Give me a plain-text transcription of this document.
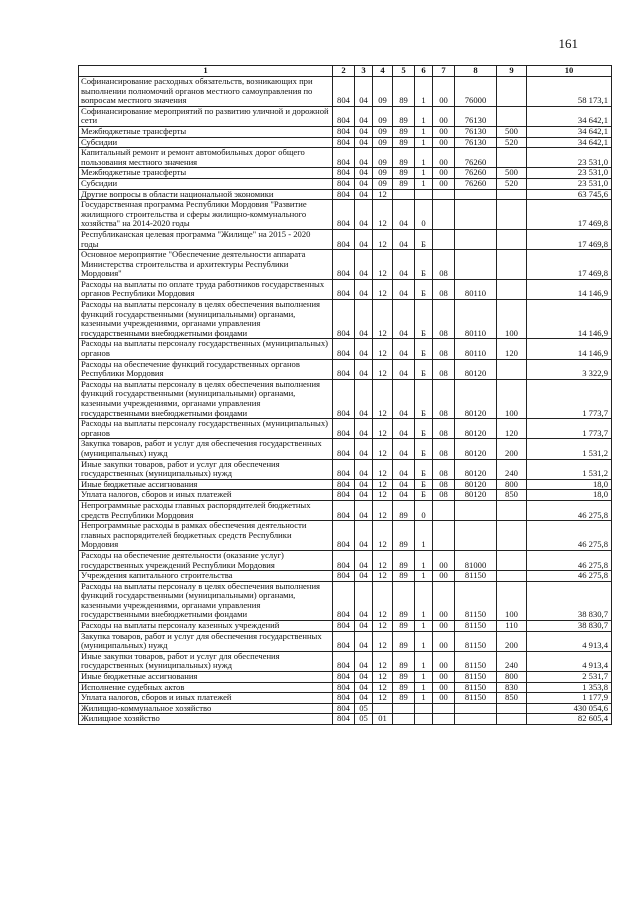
161
1	2	3	4	5	6	7	8	9	10
Софинансирование расходных обязательств, возникающих при выполнении полномочий органов местного самоуправления по вопросам местного значения	804	04	09	89	1	00	76000		58 173,1
Софинансирование мероприятий по развитию уличной и дорожной сети	804	04	09	89	1	00	76130		34 642,1
Межбюджетные трансферты	804	04	09	89	1	00	76130	500	34 642,1
Субсидии	804	04	09	89	1	00	76130	520	34 642,1
Капитальный ремонт и ремонт автомобильных дорог общего пользования местного значения	804	04	09	89	1	00	76260		23 531,0
Межбюджетные трансферты	804	04	09	89	1	00	76260	500	23 531,0
Субсидии	804	04	09	89	1	00	76260	520	23 531,0
Другие вопросы в области национальной экономики	804	04	12						63 745,6
Государственная программа Республики Мордовия "Развитие жилищного строительства и сферы жилищно-коммунального хозяйства" на 2014-2020 годы	804	04	12	04	0				17 469,8
Республиканская целевая программа "Жилище" на 2015 - 2020 годы	804	04	12	04	Б				17 469,8
Основное мероприятие "Обеспечение деятельности аппарата Министерства строительства и архитектуры Республики Мордовия"	804	04	12	04	Б	08			17 469,8
Расходы на выплаты по оплате труда работников государственных органов Республики Мордовия	804	04	12	04	Б	08	80110		14 146,9
Расходы на выплаты персоналу в целях обеспечения выполнения функций государственными (муниципальными) органами, казенными учреждениями, органами управления государственными внебюджетными фондами	804	04	12	04	Б	08	80110	100	14 146,9
Расходы на выплаты персоналу государственных (муниципальных) органов	804	04	12	04	Б	08	80110	120	14 146,9
Расходы на обеспечение функций государственных органов Республики Мордовия	804	04	12	04	Б	08	80120		3 322,9
Расходы на выплаты персоналу в целях обеспечения выполнения функций государственными (муниципальными) органами, казенными учреждениями, органами управления государственными внебюджетными фондами	804	04	12	04	Б	08	80120	100	1 773,7
Расходы на выплаты персоналу государственных (муниципальных) органов	804	04	12	04	Б	08	80120	120	1 773,7
Закупка товаров, работ и услуг для обеспечения государственных (муниципальных) нужд	804	04	12	04	Б	08	80120	200	1 531,2
Иные закупки товаров, работ и услуг для обеспечения государственных (муниципальных) нужд	804	04	12	04	Б	08	80120	240	1 531,2
Иные бюджетные ассигнования	804	04	12	04	Б	08	80120	800	18,0
Уплата налогов, сборов и иных платежей	804	04	12	04	Б	08	80120	850	18,0
Непрограммные расходы главных распорядителей бюджетных средств Республики Мордовия	804	04	12	89	0				46 275,8
Непрограммные расходы в рамках обеспечения деятельности главных распорядителей бюджетных средств Республики Мордовия	804	04	12	89	1				46 275,8
Расходы на обеспечение деятельности (оказание услуг) государственных учреждений Республики Мордовия	804	04	12	89	1	00	81000		46 275,8
Учреждения капитального строительства	804	04	12	89	1	00	81150		46 275,8
Расходы на выплаты персоналу в целях обеспечения выполнения функций государственными (муниципальными) органами, казенными учреждениями, органами управления государственными внебюджетными фондами	804	04	12	89	1	00	81150	100	38 830,7
Расходы на выплаты персоналу казенных учреждений	804	04	12	89	1	00	81150	110	38 830,7
Закупка товаров, работ и услуг для обеспечения государственных (муниципальных) нужд	804	04	12	89	1	00	81150	200	4 913,4
Иные закупки товаров, работ и услуг для обеспечения государственных (муниципальных) нужд	804	04	12	89	1	00	81150	240	4 913,4
Иные бюджетные ассигнования	804	04	12	89	1	00	81150	800	2 531,7
Исполнение судебных актов	804	04	12	89	1	00	81150	830	1 353,8
Уплата налогов, сборов и иных платежей	804	04	12	89	1	00	81150	850	1 177,9
Жилищно-коммунальное хозяйство	804	05							430 054,6
Жилищное хозяйство	804	05	01						82 605,4
